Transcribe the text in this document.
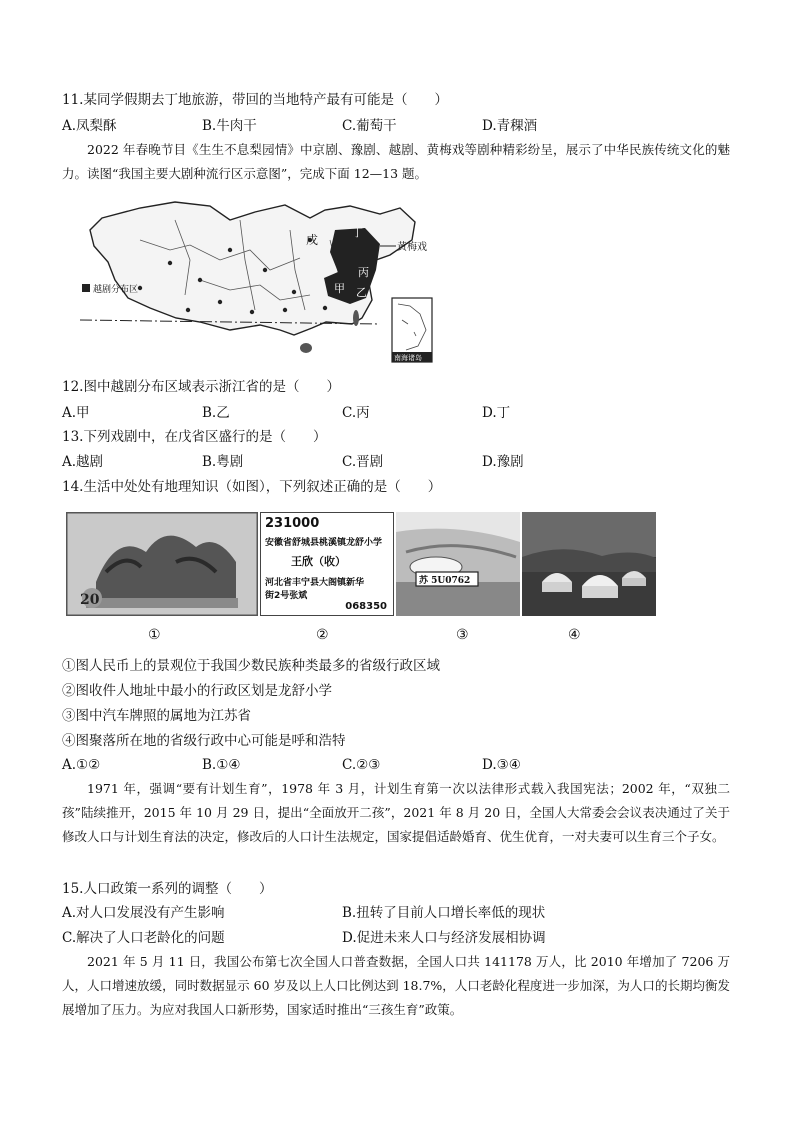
11.某同学假期去丁地旅游，带回的当地特产最有可能是（　　）
A.凤梨酥	B.牛肉干	C.葡萄干	D.青稞酒
2022 年春晚节目《生生不息梨园情》中京剧、豫剧、越剧、黄梅戏等剧种精彩纷呈，展示了中华民族传统文化的魅力。读图“我国主要大剧种流行区示意图”，完成下面 12—13 题。
越剧分布区
戊
丁
丙
甲 乙
黄梅戏
南海诸岛
12.图中越剧分布区域表示浙江省的是（　　）
A.甲	B.乙	C.丙	D.丁
13.下列戏剧中，在戊省区盛行的是（　　）
A.越剧	B.粤剧	C.晋剧	D.豫剧
14.生活中处处有地理知识（如图），下列叙述正确的是（　　）
20
231000
安徽省舒城县桃溪镇龙舒小学
王欣（收）
河北省丰宁县大阁镇新华
街2号张斌
068350
苏 5U0762
①	②	③	④
①图人民币上的景观位于我国少数民族种类最多的省级行政区域
②图收件人地址中最小的行政区划是龙舒小学
③图中汽车牌照的属地为江苏省
④图聚落所在地的省级行政中心可能是呼和浩特
A.①②	B.①④	C.②③	D.③④
1971 年，强调“要有计划生育”，1978 年 3 月，计划生育第一次以法律形式载入我国宪法；2002 年，“双独二孩”陆续推开，2015 年 10 月 29 日，提出“全面放开二孩”，2021 年 8 月 20 日，全国人大常委会会议表决通过了关于修改人口与计划生育法的决定，修改后的人口计生法规定，国家提倡适龄婚育、优生优育，一对夫妻可以生育三个子女。
15.人口政策一系列的调整（　　）
A.对人口发展没有产生影响	B.扭转了目前人口增长率低的现状
C.解决了人口老龄化的问题	D.促进未来人口与经济发展相协调
2021 年 5 月 11 日，我国公布第七次全国人口普查数据，全国人口共 141178 万人，比 2010 年增加了 7206 万人，人口增速放缓，同时数据显示 60 岁及以上人口比例达到 18.7%，人口老龄化程度进一步加深，为人口的长期均衡发展增加了压力。为应对我国人口新形势，国家适时推出“三孩生育”政策。
